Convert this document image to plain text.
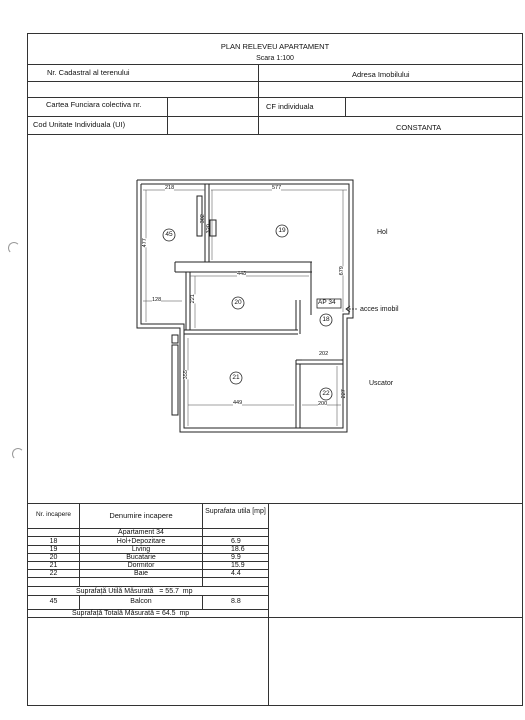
PLAN RELEVEU APARTAMENT
Scara 1:100
Nr. Cadastral al terenului	Adresa Imobilului
Cartea Funciara colectiva nr.	CF individuala
Cod Unitate Individuala (UI)	CONSTANTA
Hol
acces imobil
Uscator
AP 34
45
19
20
18
21
22
218	577
302
320
477
448	679
128	221
355
449
202
227
200
Nr. incapere	Denumire incapere	Suprafata utila [mp]
Apartament 34
18	Hol+Depozitare	6.9
19	Living	18.6
20	Bucatarie	9.9
21	Dormitor	15.9
22	Baie	4.4
Suprafață Utilă Măsurată   = 55.7  mp
45	Balcon	8.8
Suprafață Totală Măsurată = 64.5  mp
